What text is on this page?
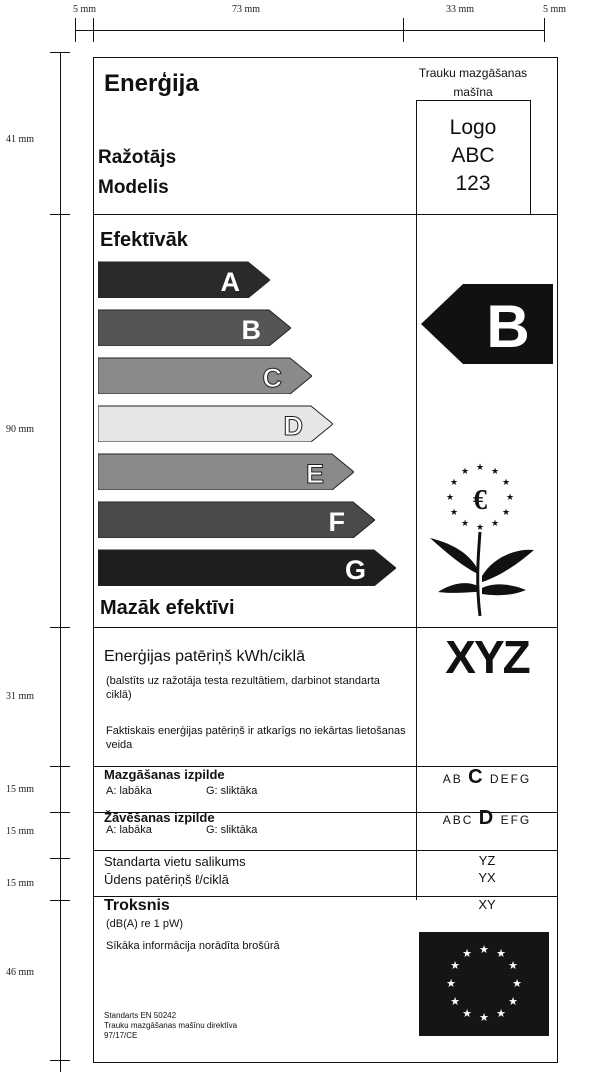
5 mm	73 mm	33 mm	5 mm
41 mm
90 mm
31 mm
15 mm
15 mm
15 mm
46 mm
Enerģija	Trauku mazgāšanas
mašīna
Ražotājs
Modelis
Logo
ABC
123
Efektīvāk
Mazāk efektīvi
A
B
C
D
E
F
G
B
★ ★
★
★
★
★
★
★
★
★
★
★
€
Enerģijas patēriņš kWh/ciklā
(balstīts uz ražotāja testa rezultātiem, darbinot standarta ciklā)
Faktiskais enerģijas patēriņš ir atkarīgs no iekārtas lietošanas veida
XYZ
Mazgāšanas izpilde
A: labāka	G: sliktāka
AB C DEFG
Žāvēšanas izpilde
A: labāka	G: sliktāka
ABC D EFG
Standarta vietu salikums
Ūdens patēriņš ℓ/ciklā
YZ
YX
Troksnis
(dB(A) re 1 pW)
XY
Sīkāka informācija norādīta brošūrā	★ ★
★
★
★
★
★
★
★
★
★
★
Standarts EN 50242
Trauku mazgāšanas mašīnu direktīva
97/17/CE
